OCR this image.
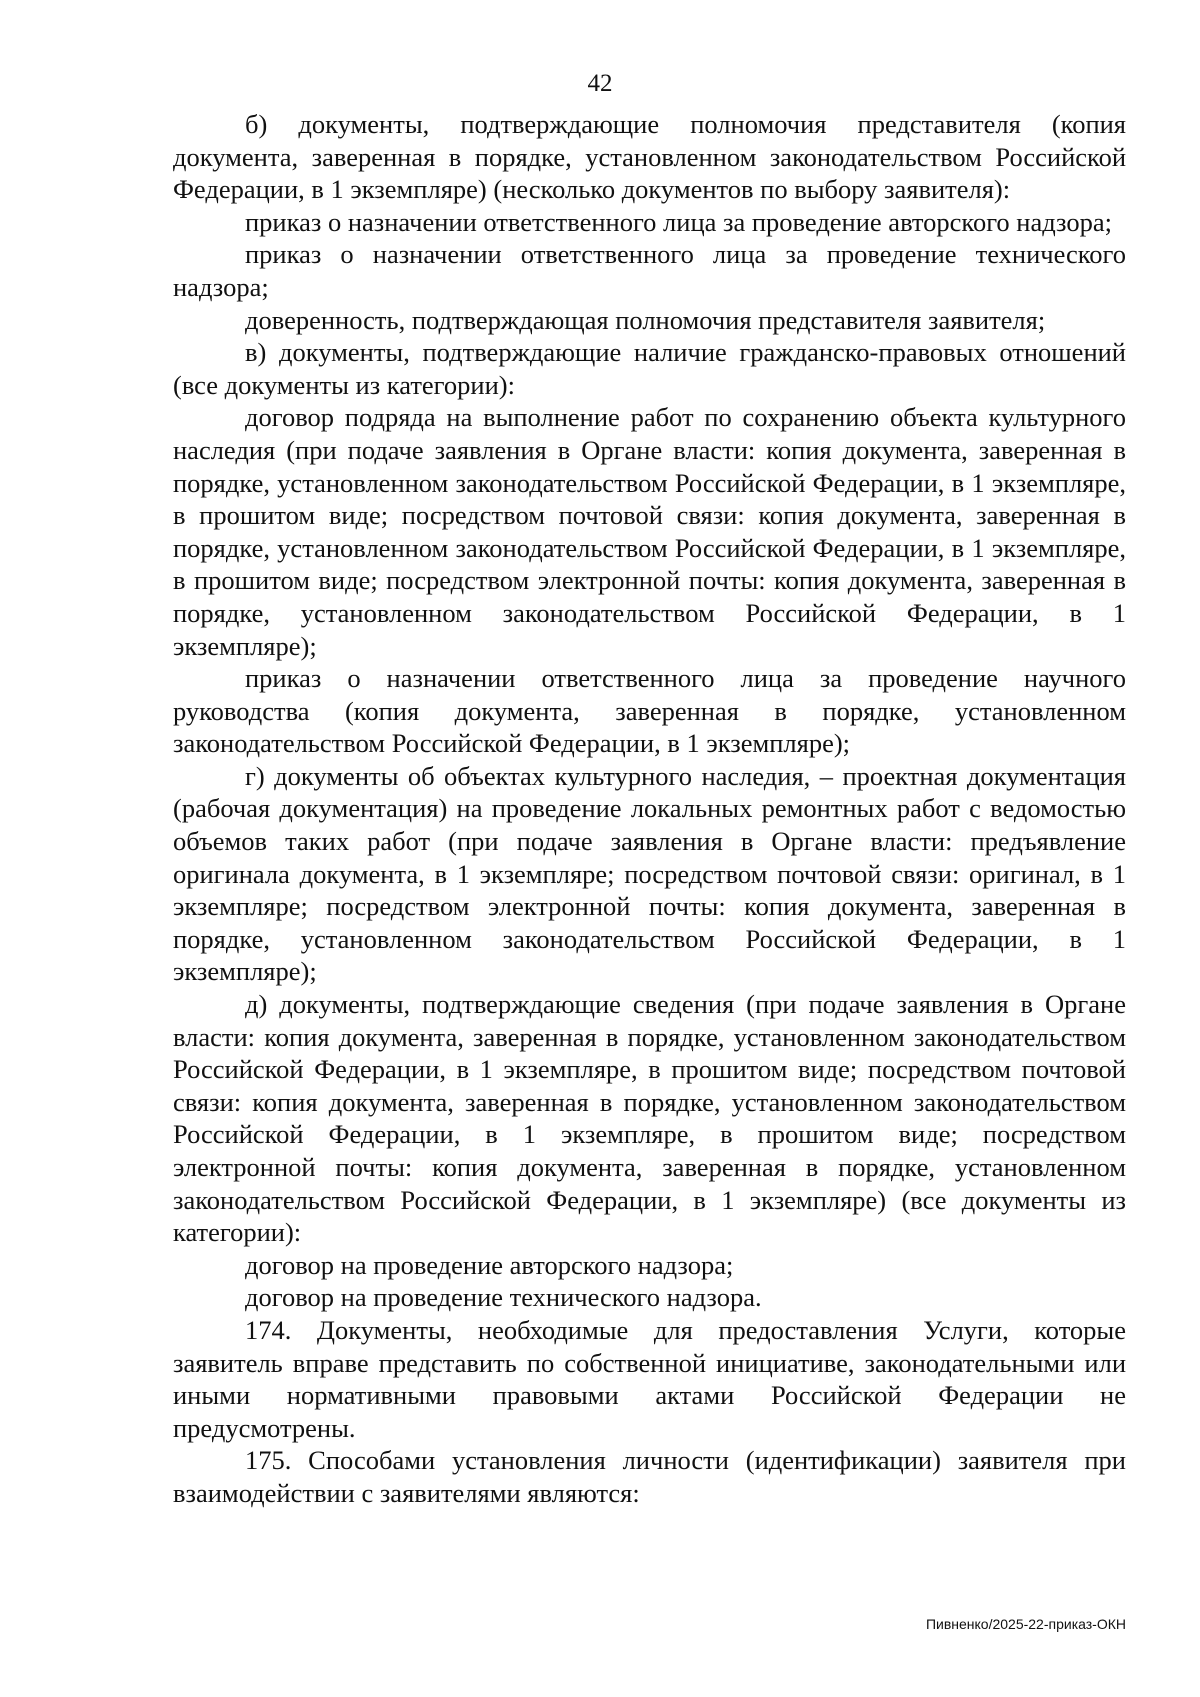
42

б) документы, подтверждающие полномочия представителя (копия документа, заверенная в порядке, установленном законодательством Российской Федерации, в 1 экземпляре) (несколько документов по выбору заявителя):

приказ о назначении ответственного лица за проведение авторского надзора;

приказ о назначении ответственного лица за проведение технического надзора;

доверенность, подтверждающая полномочия представителя заявителя;

в) документы, подтверждающие наличие гражданско-правовых отношений (все документы из категории):

договор подряда на выполнение работ по сохранению объекта культурного наследия (при подаче заявления в Органе власти: копия документа, заверенная в порядке, установленном законодательством Российской Федерации, в 1 экземпляре, в прошитом виде; посредством почтовой связи: копия документа, заверенная в порядке, установленном законодательством Российской Федерации, в 1 экземпляре, в прошитом виде; посредством электронной почты: копия документа, заверенная в порядке, установленном законодательством Российской Федерации, в 1 экземпляре);

приказ о назначении ответственного лица за проведение научного руководства (копия документа, заверенная в порядке, установленном законодательством Российской Федерации, в 1 экземпляре);

г) документы об объектах культурного наследия, – проектная документация (рабочая документация) на проведение локальных ремонтных работ с ведомостью объемов таких работ (при подаче заявления в Органе власти: предъявление оригинала документа, в 1 экземпляре; посредством почтовой связи: оригинал, в 1 экземпляре; посредством электронной почты: копия документа, заверенная в порядке, установленном законодательством Российской Федерации, в 1 экземпляре);

д) документы, подтверждающие сведения (при подаче заявления в Органе власти: копия документа, заверенная в порядке, установленном законодательством Российской Федерации, в 1 экземпляре, в прошитом виде; посредством почтовой связи: копия документа, заверенная в порядке, установленном законодательством Российской Федерации, в 1 экземпляре, в прошитом виде; посредством электронной почты: копия документа, заверенная в порядке, установленном законодательством Российской Федерации, в 1 экземпляре) (все документы из категории):

договор на проведение авторского надзора;

договор на проведение технического надзора.

174. Документы, необходимые для предоставления Услуги, которые заявитель вправе представить по собственной инициативе, законодательными или иными нормативными правовыми актами Российской Федерации не предусмотрены.

175. Способами установления личности (идентификации) заявителя при взаимодействии с заявителями являются:

Пивненко/2025-22-приказ-ОКН
